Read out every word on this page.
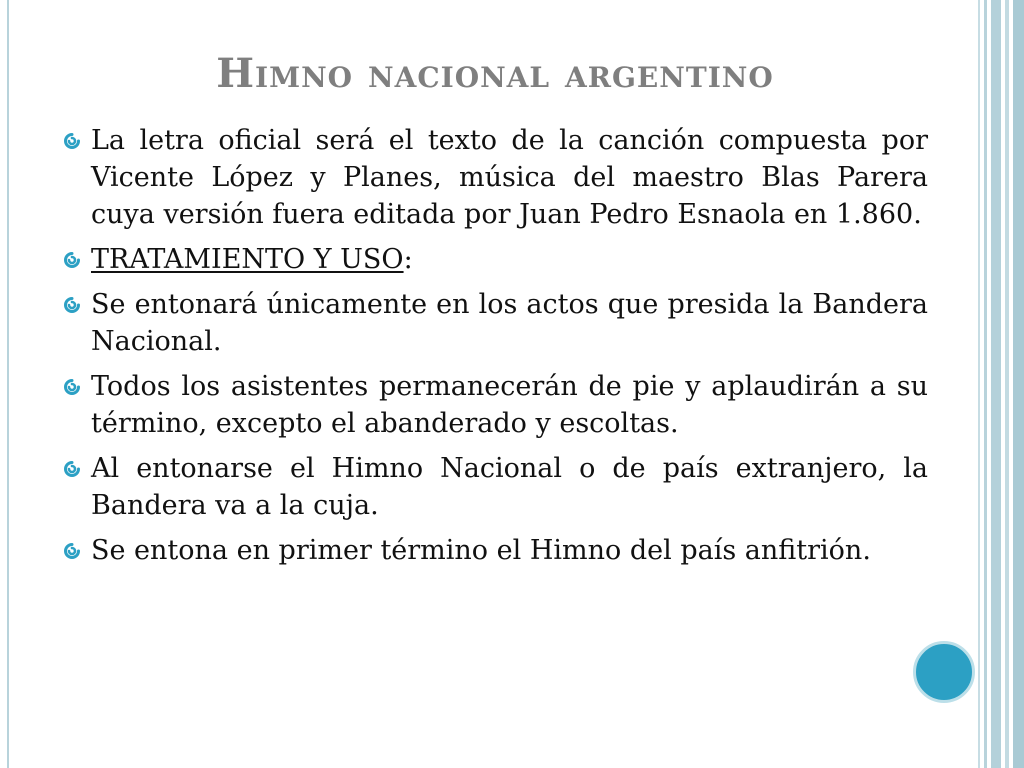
Himno nacional argentino
La letra oficial será el texto de la canción compuesta por Vicente López y Planes, música del maestro Blas Parera cuya versión fuera editada por Juan Pedro Esnaola en 1.860.
TRATAMIENTO Y USO:
Se entonará únicamente en los actos que presida la Bandera Nacional.
Todos los asistentes permanecerán de pie y aplaudirán a su término, excepto el abanderado y escoltas.
Al entonarse el Himno Nacional o de país extranjero, la Bandera va a la cuja.
Se entona en primer término el Himno del país anfitrión.
